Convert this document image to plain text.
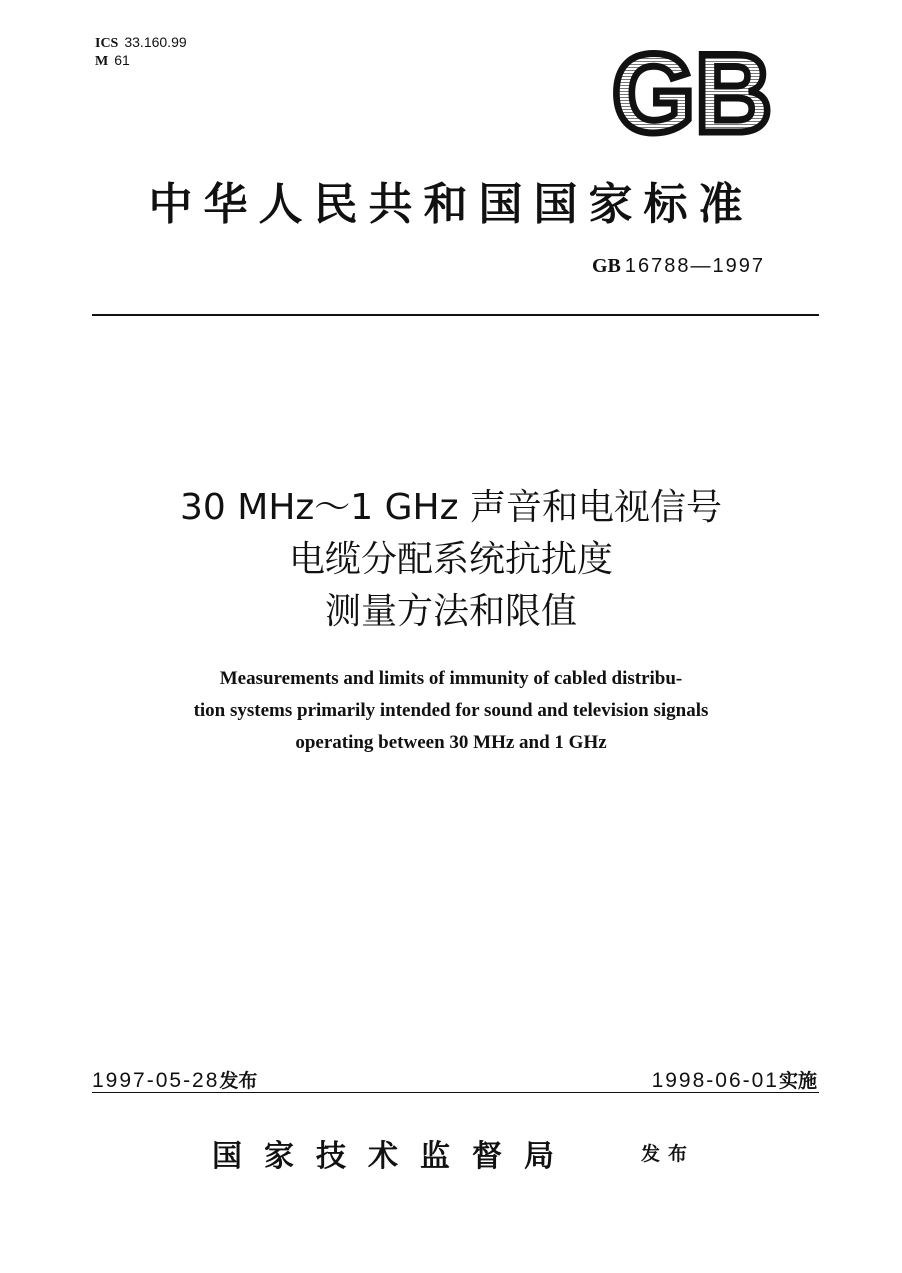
ICS 33.160.99
M 61	GB
中华人民共和国国家标准
GB 16788—1997
30 MHz～1 GHz 声音和电视信号
电缆分配系统抗扰度
测量方法和限值
Measurements and limits of immunity of cabled distribu-
tion systems primarily intended for sound and television signals
operating between 30 MHz and 1 GHz
1997-05-28发布	1998-06-01实施
国家技术监督局	发布
